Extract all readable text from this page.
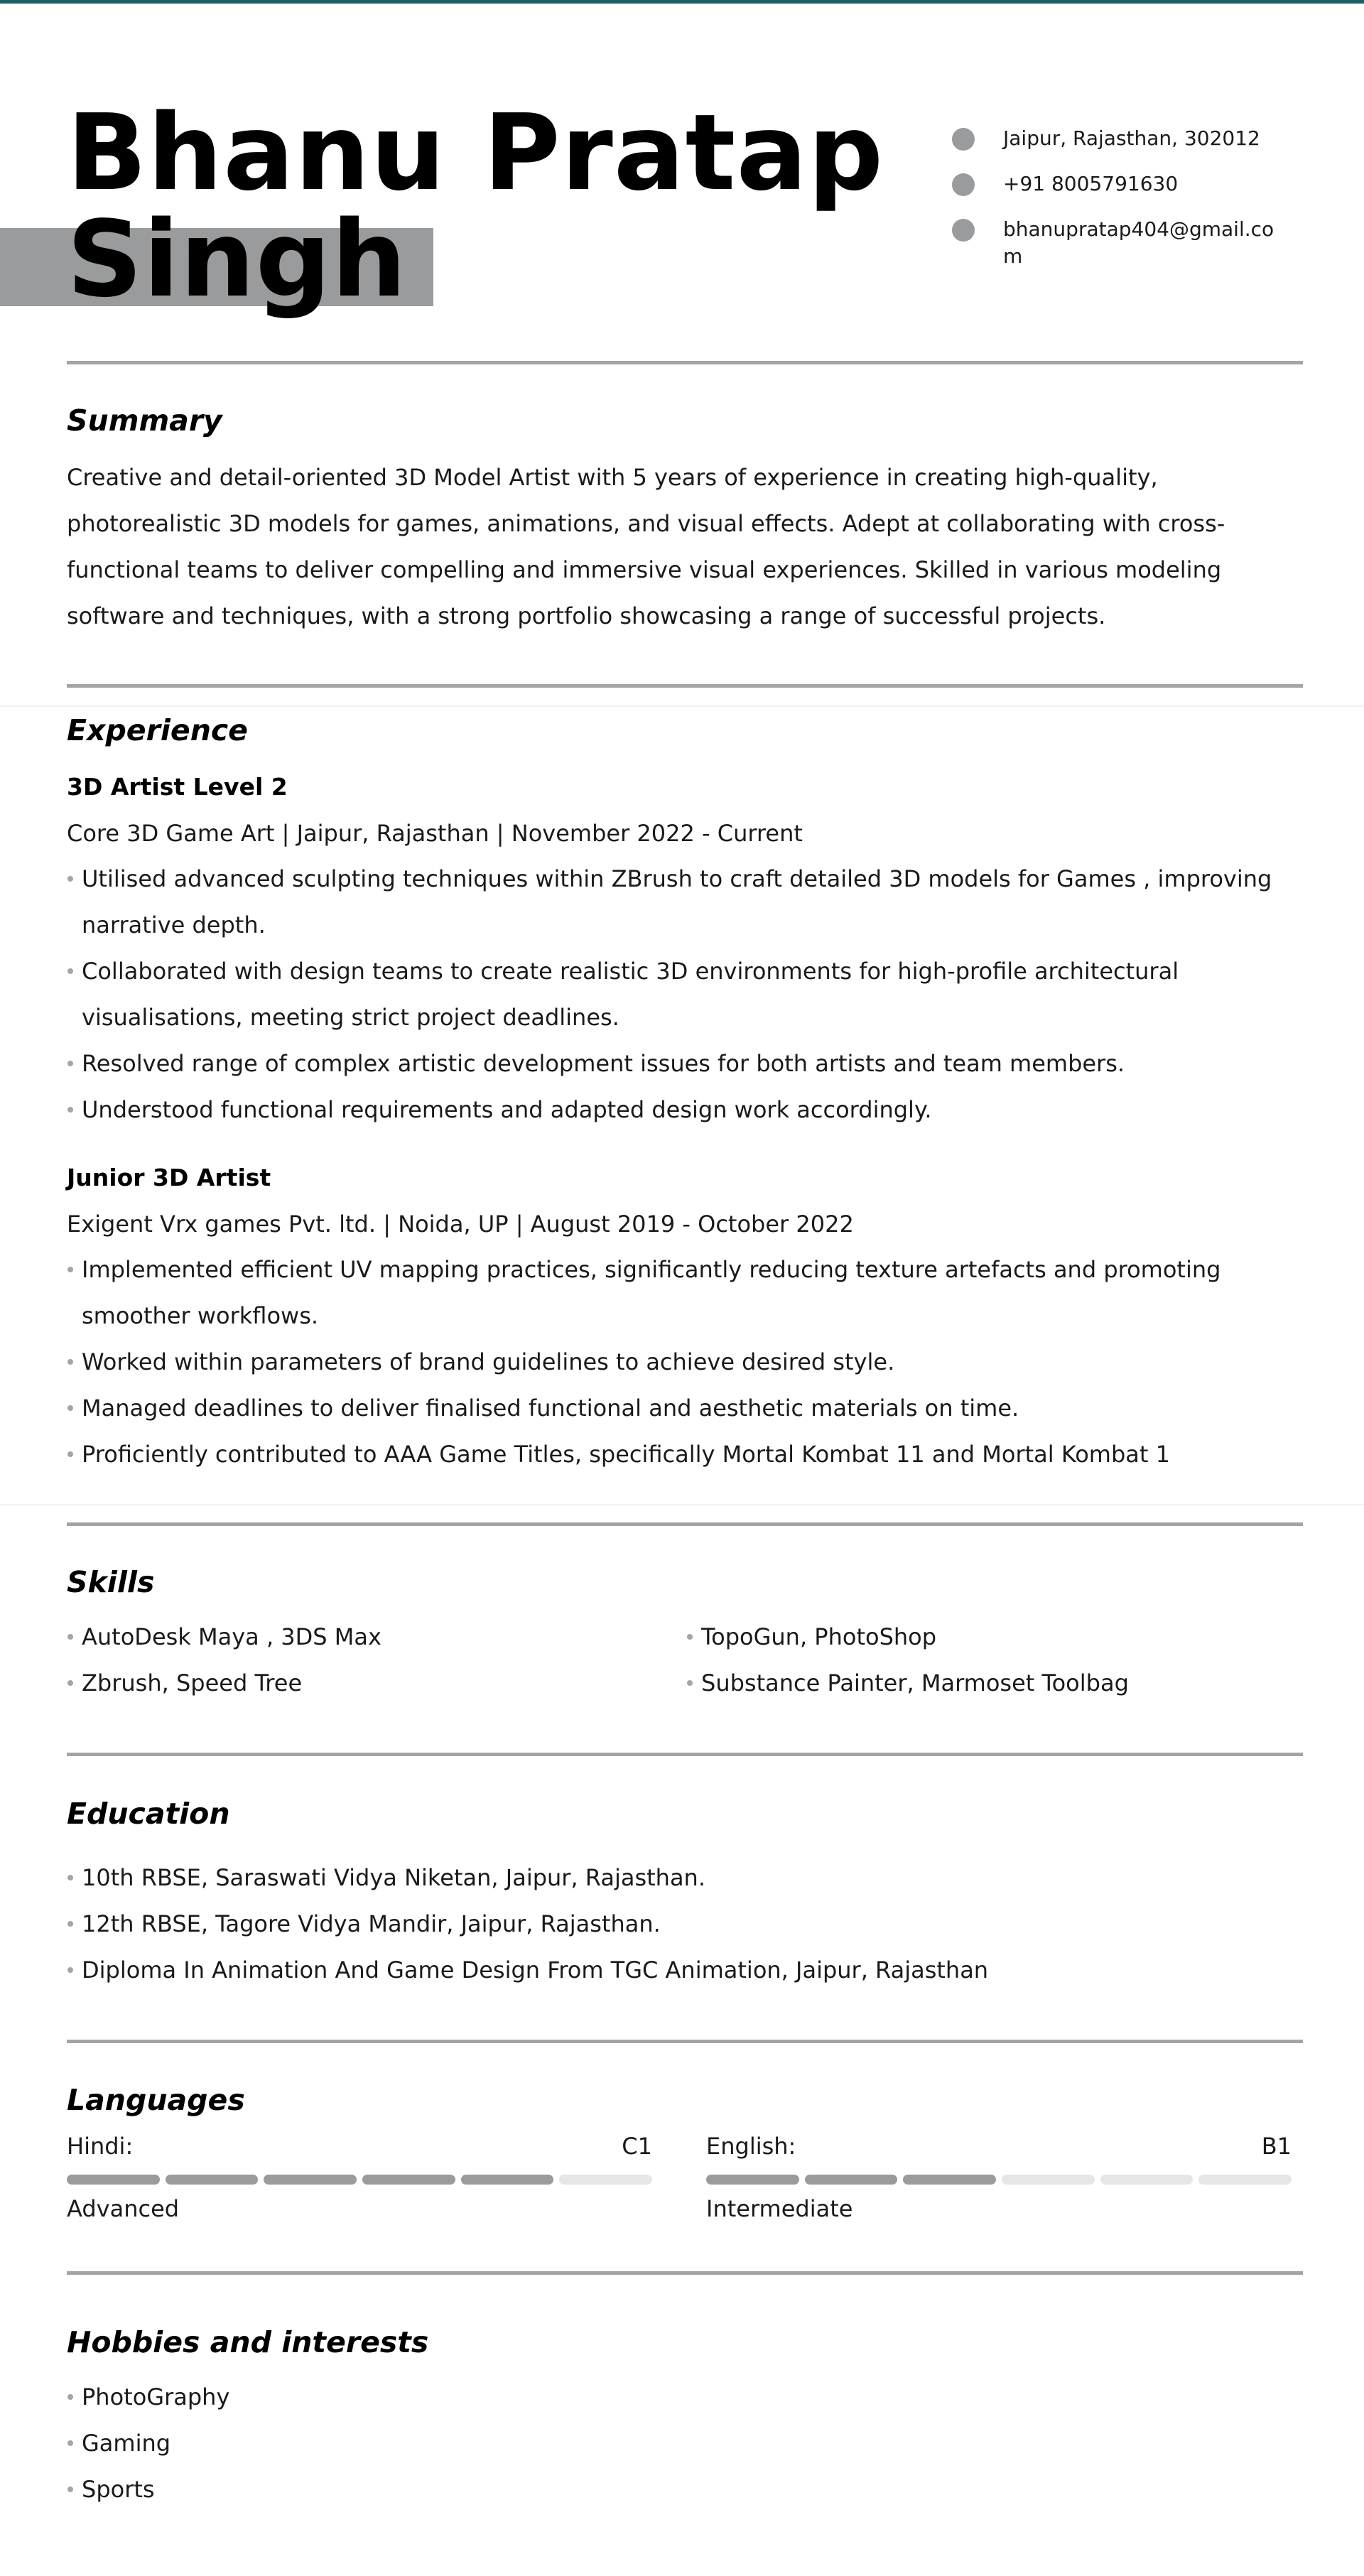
Bhanu Pratap
Singh
Jaipur, Rajasthan, 302012
+91 8005791630
bhanupratap404@gmail.com
Summary

Creative and detail-oriented 3D Model Artist with 5 years of experience in creating high-quality, photorealistic 3D models for games, animations, and visual effects. Adept at collaborating with cross-functional teams to deliver compelling and immersive visual experiences. Skilled in various modeling software and techniques, with a strong portfolio showcasing a range of successful projects.

Experience
3D Artist Level 2

Core 3D Game Art | Jaipur, Rajasthan | November 2022 - Current

Utilised advanced sculpting techniques within ZBrush to craft detailed 3D models for Games , improving narrative depth.
Collaborated with design teams to create realistic 3D environments for high-profile architectural visualisations, meeting strict project deadlines.
Resolved range of complex artistic development issues for both artists and team members.
Understood functional requirements and adapted design work accordingly.
Junior 3D Artist

Exigent Vrx games Pvt. ltd. | Noida, UP | August 2019 - October 2022

Implemented efficient UV mapping practices, significantly reducing texture artefacts and promoting smoother workflows.
Worked within parameters of brand guidelines to achieve desired style.
Managed deadlines to deliver finalised functional and aesthetic materials on time.
Proficiently contributed to AAA Game Titles, specifically Mortal Kombat 11 and Mortal Kombat 1
Skills
AutoDesk Maya , 3DS Max
Zbrush, Speed Tree
TopoGun, PhotoShop
Substance Painter, Marmoset Toolbag
Education
10th RBSE, Saraswati Vidya Niketan, Jaipur, Rajasthan.
12th RBSE, Tagore Vidya Mandir, Jaipur, Rajasthan.
Diploma In Animation And Game Design From TGC Animation, Jaipur, Rajasthan
Languages
Hindi:	C1
Advanced
English:	B1
Intermediate
Hobbies and interests
PhotoGraphy
Gaming
Sports
